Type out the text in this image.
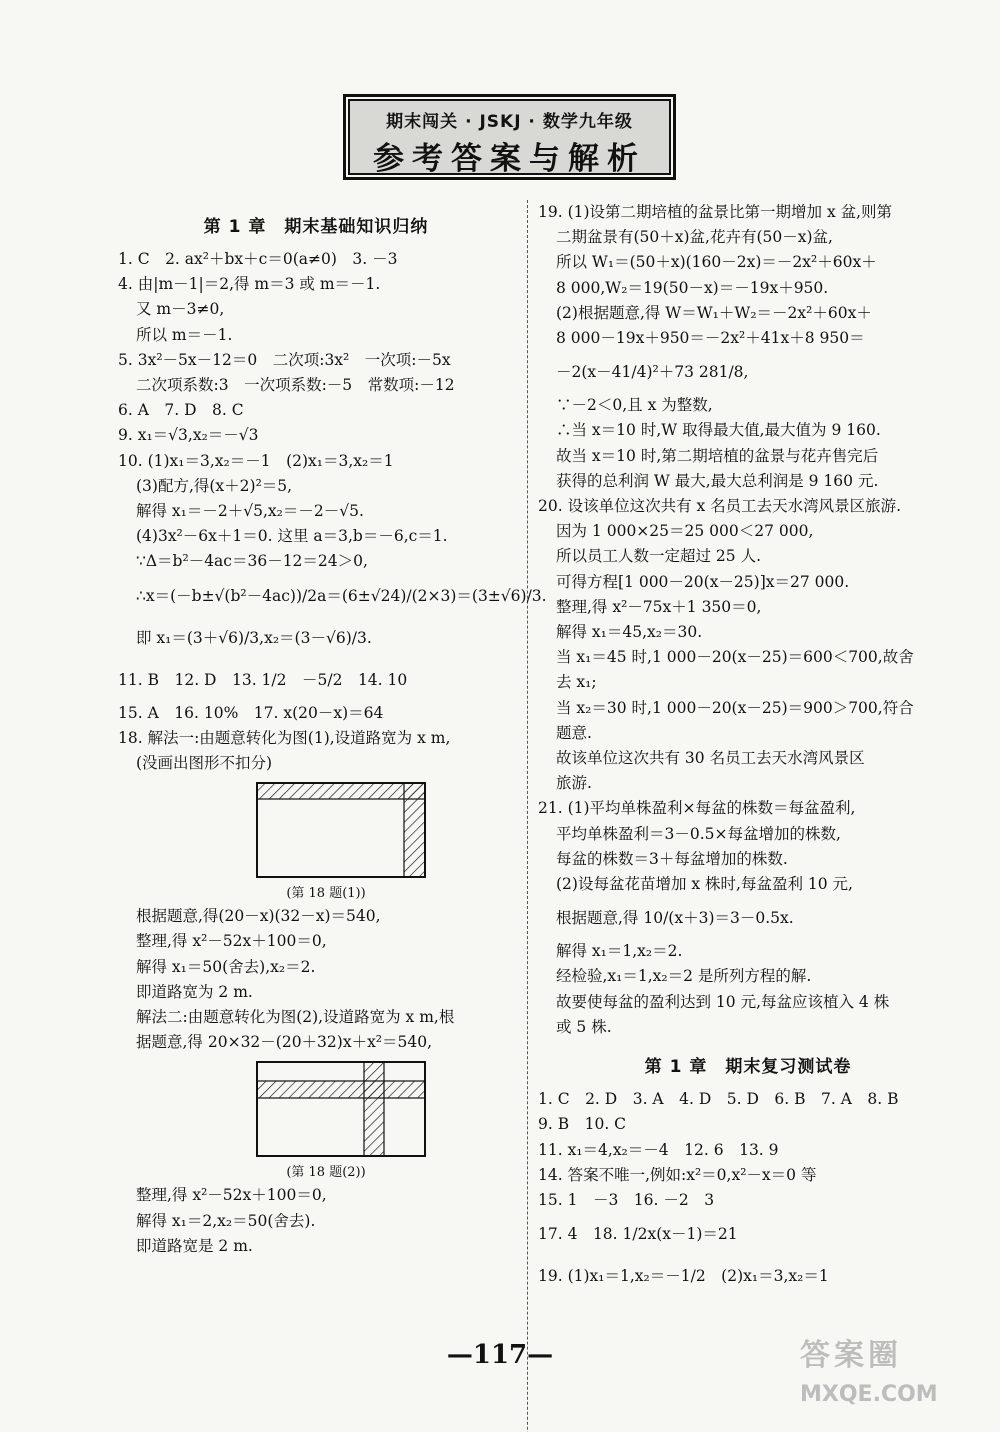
期末闯关 · JSKJ · 数学九年级
参考答案与解析
第 1 章　期末基础知识归纳
1. C　2. ax²＋bx＋c＝0(a≠0)　3. －3
4. 由|m－1|＝2,得 m＝3 或 m＝－1.
又 m－3≠0,
所以 m＝－1.
5. 3x²－5x－12＝0　二次项:3x²　一次项:－5x
二次项系数:3　一次项系数:－5　常数项:－12
6. A　7. D　8. C
9. x₁＝√3,x₂＝－√3
10. (1)x₁＝3,x₂＝－1　(2)x₁＝3,x₂＝1
(3)配方,得(x＋2)²＝5,
解得 x₁＝－2＋√5,x₂＝－2－√5.
(4)3x²－6x＋1＝0. 这里 a＝3,b＝－6,c＝1.
∵Δ＝b²－4ac＝36－12＝24＞0,
∴x＝(－b±√(b²－4ac))/2a＝(6±√24)/(2×3)＝(3±√6)/3.
即 x₁＝(3＋√6)/3,x₂＝(3－√6)/3.
11. B　12. D　13. 1/2　－5/2　14. 10
15. A　16. 10%　17. x(20－x)＝64
18. 解法一:由题意转化为图(1),设道路宽为 x m,
(没画出图形不扣分)
(第 18 题(1))
根据题意,得(20－x)(32－x)＝540,
整理,得 x²－52x＋100＝0,
解得 x₁＝50(舍去),x₂＝2.
即道路宽为 2 m.
解法二:由题意转化为图(2),设道路宽为 x m,根
据题意,得 20×32－(20＋32)x＋x²＝540,
(第 18 题(2))
整理,得 x²－52x＋100＝0,
解得 x₁＝2,x₂＝50(舍去).
即道路宽是 2 m.
19. (1)设第二期培植的盆景比第一期增加 x 盆,则第
二期盆景有(50＋x)盆,花卉有(50－x)盆,
所以 W₁＝(50＋x)(160－2x)＝－2x²＋60x＋
8 000,W₂＝19(50－x)＝－19x＋950.
(2)根据题意,得 W＝W₁＋W₂＝－2x²＋60x＋
8 000－19x＋950＝－2x²＋41x＋8 950＝
－2(x－41/4)²＋73 281/8,
∵－2＜0,且 x 为整数,
∴当 x＝10 时,W 取得最大值,最大值为 9 160.
故当 x＝10 时,第二期培植的盆景与花卉售完后
获得的总利润 W 最大,最大总利润是 9 160 元.
20. 设该单位这次共有 x 名员工去天水湾风景区旅游.
因为 1 000×25＝25 000＜27 000,
所以员工人数一定超过 25 人.
可得方程[1 000－20(x－25)]x＝27 000.
整理,得 x²－75x＋1 350＝0,
解得 x₁＝45,x₂＝30.
当 x₁＝45 时,1 000－20(x－25)＝600＜700,故舍
去 x₁;
当 x₂＝30 时,1 000－20(x－25)＝900＞700,符合
题意.
故该单位这次共有 30 名员工去天水湾风景区
旅游.
21. (1)平均单株盈利×每盆的株数＝每盆盈利,
平均单株盈利＝3－0.5×每盆增加的株数,
每盆的株数＝3＋每盆增加的株数.
(2)设每盆花苗增加 x 株时,每盆盈利 10 元,
根据题意,得 10/(x＋3)＝3－0.5x.
解得 x₁＝1,x₂＝2.
经检验,x₁＝1,x₂＝2 是所列方程的解.
故要使每盆的盈利达到 10 元,每盆应该植入 4 株
或 5 株.
第 1 章　期末复习测试卷
1. C　2. D　3. A　4. D　5. D　6. B　7. A　8. B
9. B　10. C
11. x₁＝4,x₂＝－4　12. 6　13. 9
14. 答案不唯一,例如:x²＝0,x²－x＝0 等
15. 1　－3　16. －2　3
17. 4　18. 1/2x(x－1)＝21
19. (1)x₁＝1,x₂＝－1/2　(2)x₁＝3,x₂＝1
—117—	答案圈
MXQE.COM
